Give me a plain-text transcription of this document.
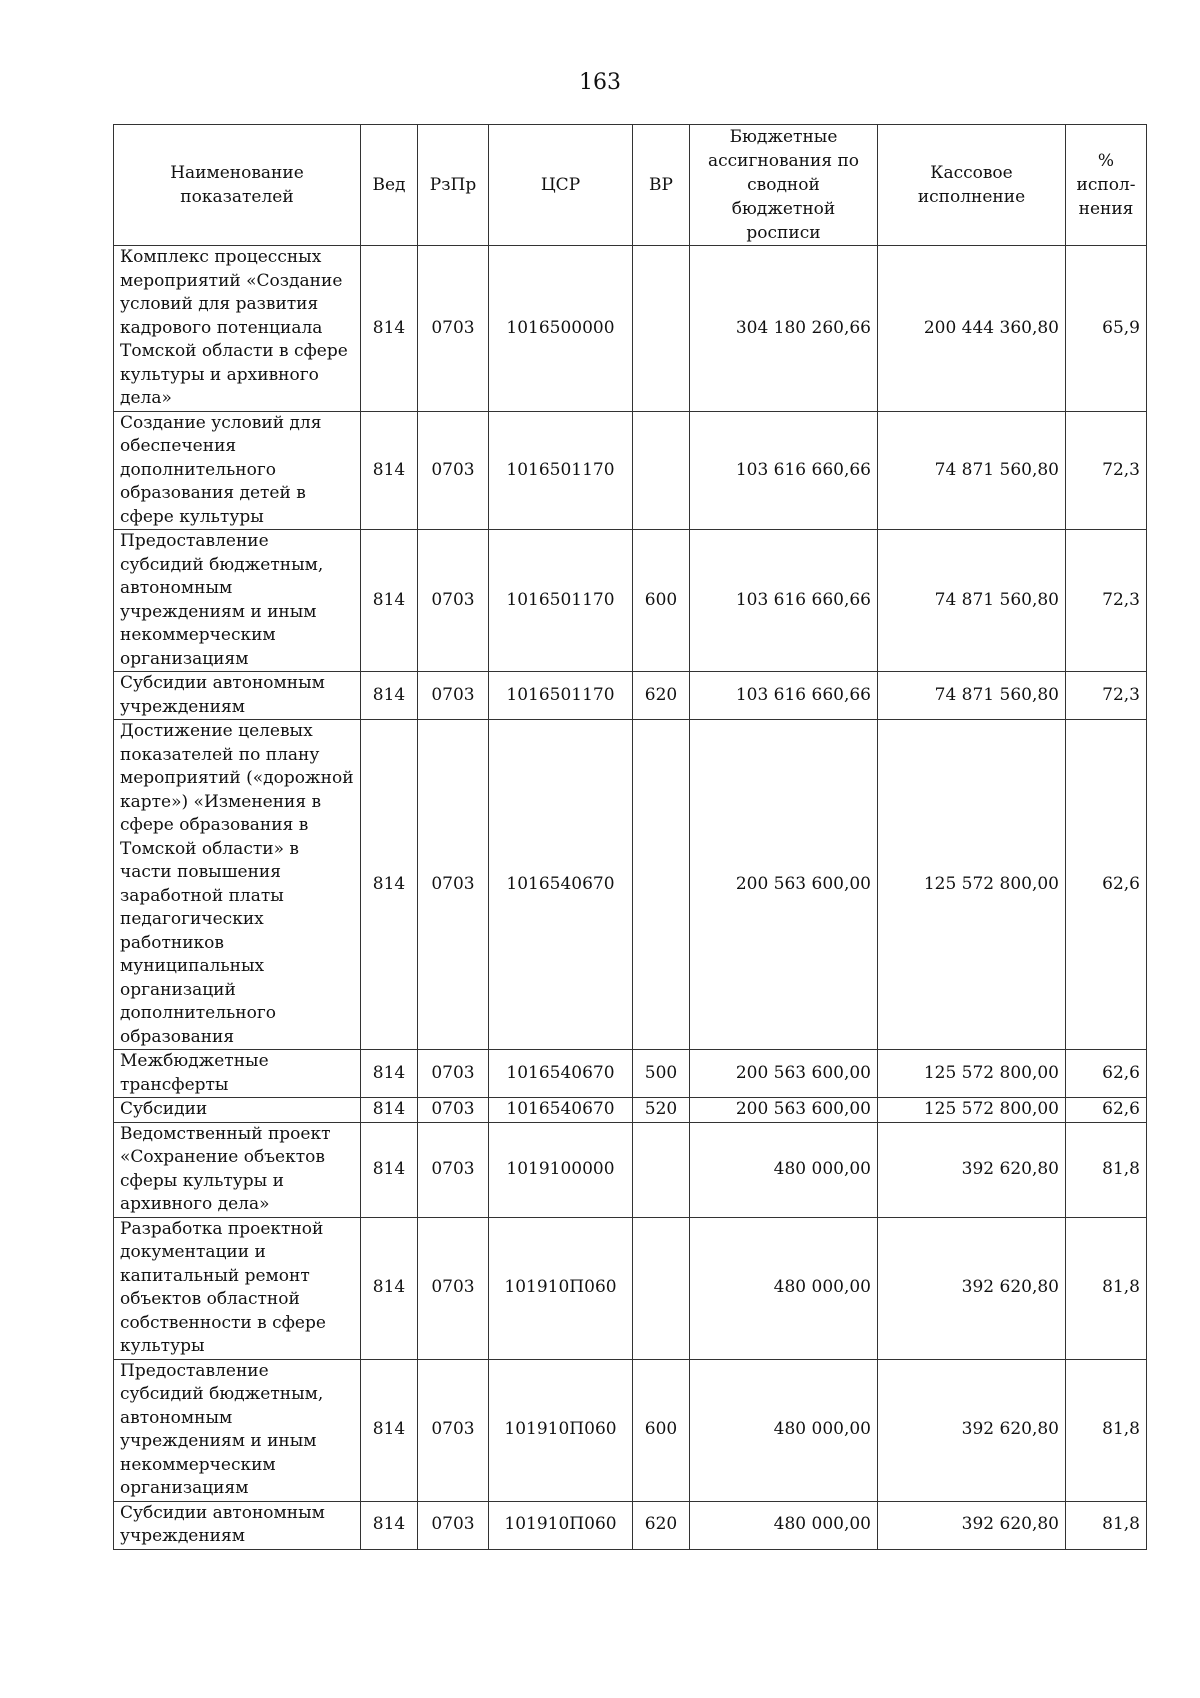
163
Наименование показателей	Вед	РзПр	ЦСР	ВР	Бюджетные ассигнования по сводной бюджетной росписи	Кассовое исполнение	% испол-нения
Комплекс процессных мероприятий «Создание условий для развития кадрового потенциала Томской области в сфере культуры и архивного дела»	814	0703	1016500000		304 180 260,66	200 444 360,80	65,9
Создание условий для обеспечения дополнительного образования детей в сфере культуры	814	0703	1016501170		103 616 660,66	74 871 560,80	72,3
Предоставление субсидий бюджетным, автономным учреждениям и иным некоммерческим организациям	814	0703	1016501170	600	103 616 660,66	74 871 560,80	72,3
Субсидии автономным учреждениям	814	0703	1016501170	620	103 616 660,66	74 871 560,80	72,3
Достижение целевых показателей по плану мероприятий («дорожной карте») «Изменения в сфере образования в Томской области» в части повышения заработной платы педагогических работников муниципальных организаций дополнительного образования	814	0703	1016540670		200 563 600,00	125 572 800,00	62,6
Межбюджетные трансферты	814	0703	1016540670	500	200 563 600,00	125 572 800,00	62,6
Субсидии	814	0703	1016540670	520	200 563 600,00	125 572 800,00	62,6
Ведомственный проект «Сохранение объектов сферы культуры и архивного дела»	814	0703	1019100000		480 000,00	392 620,80	81,8
Разработка проектной документации и капитальный ремонт объектов областной собственности в сфере культуры	814	0703	101910П060		480 000,00	392 620,80	81,8
Предоставление субсидий бюджетным, автономным учреждениям и иным некоммерческим организациям	814	0703	101910П060	600	480 000,00	392 620,80	81,8
Субсидии автономным учреждениям	814	0703	101910П060	620	480 000,00	392 620,80	81,8
